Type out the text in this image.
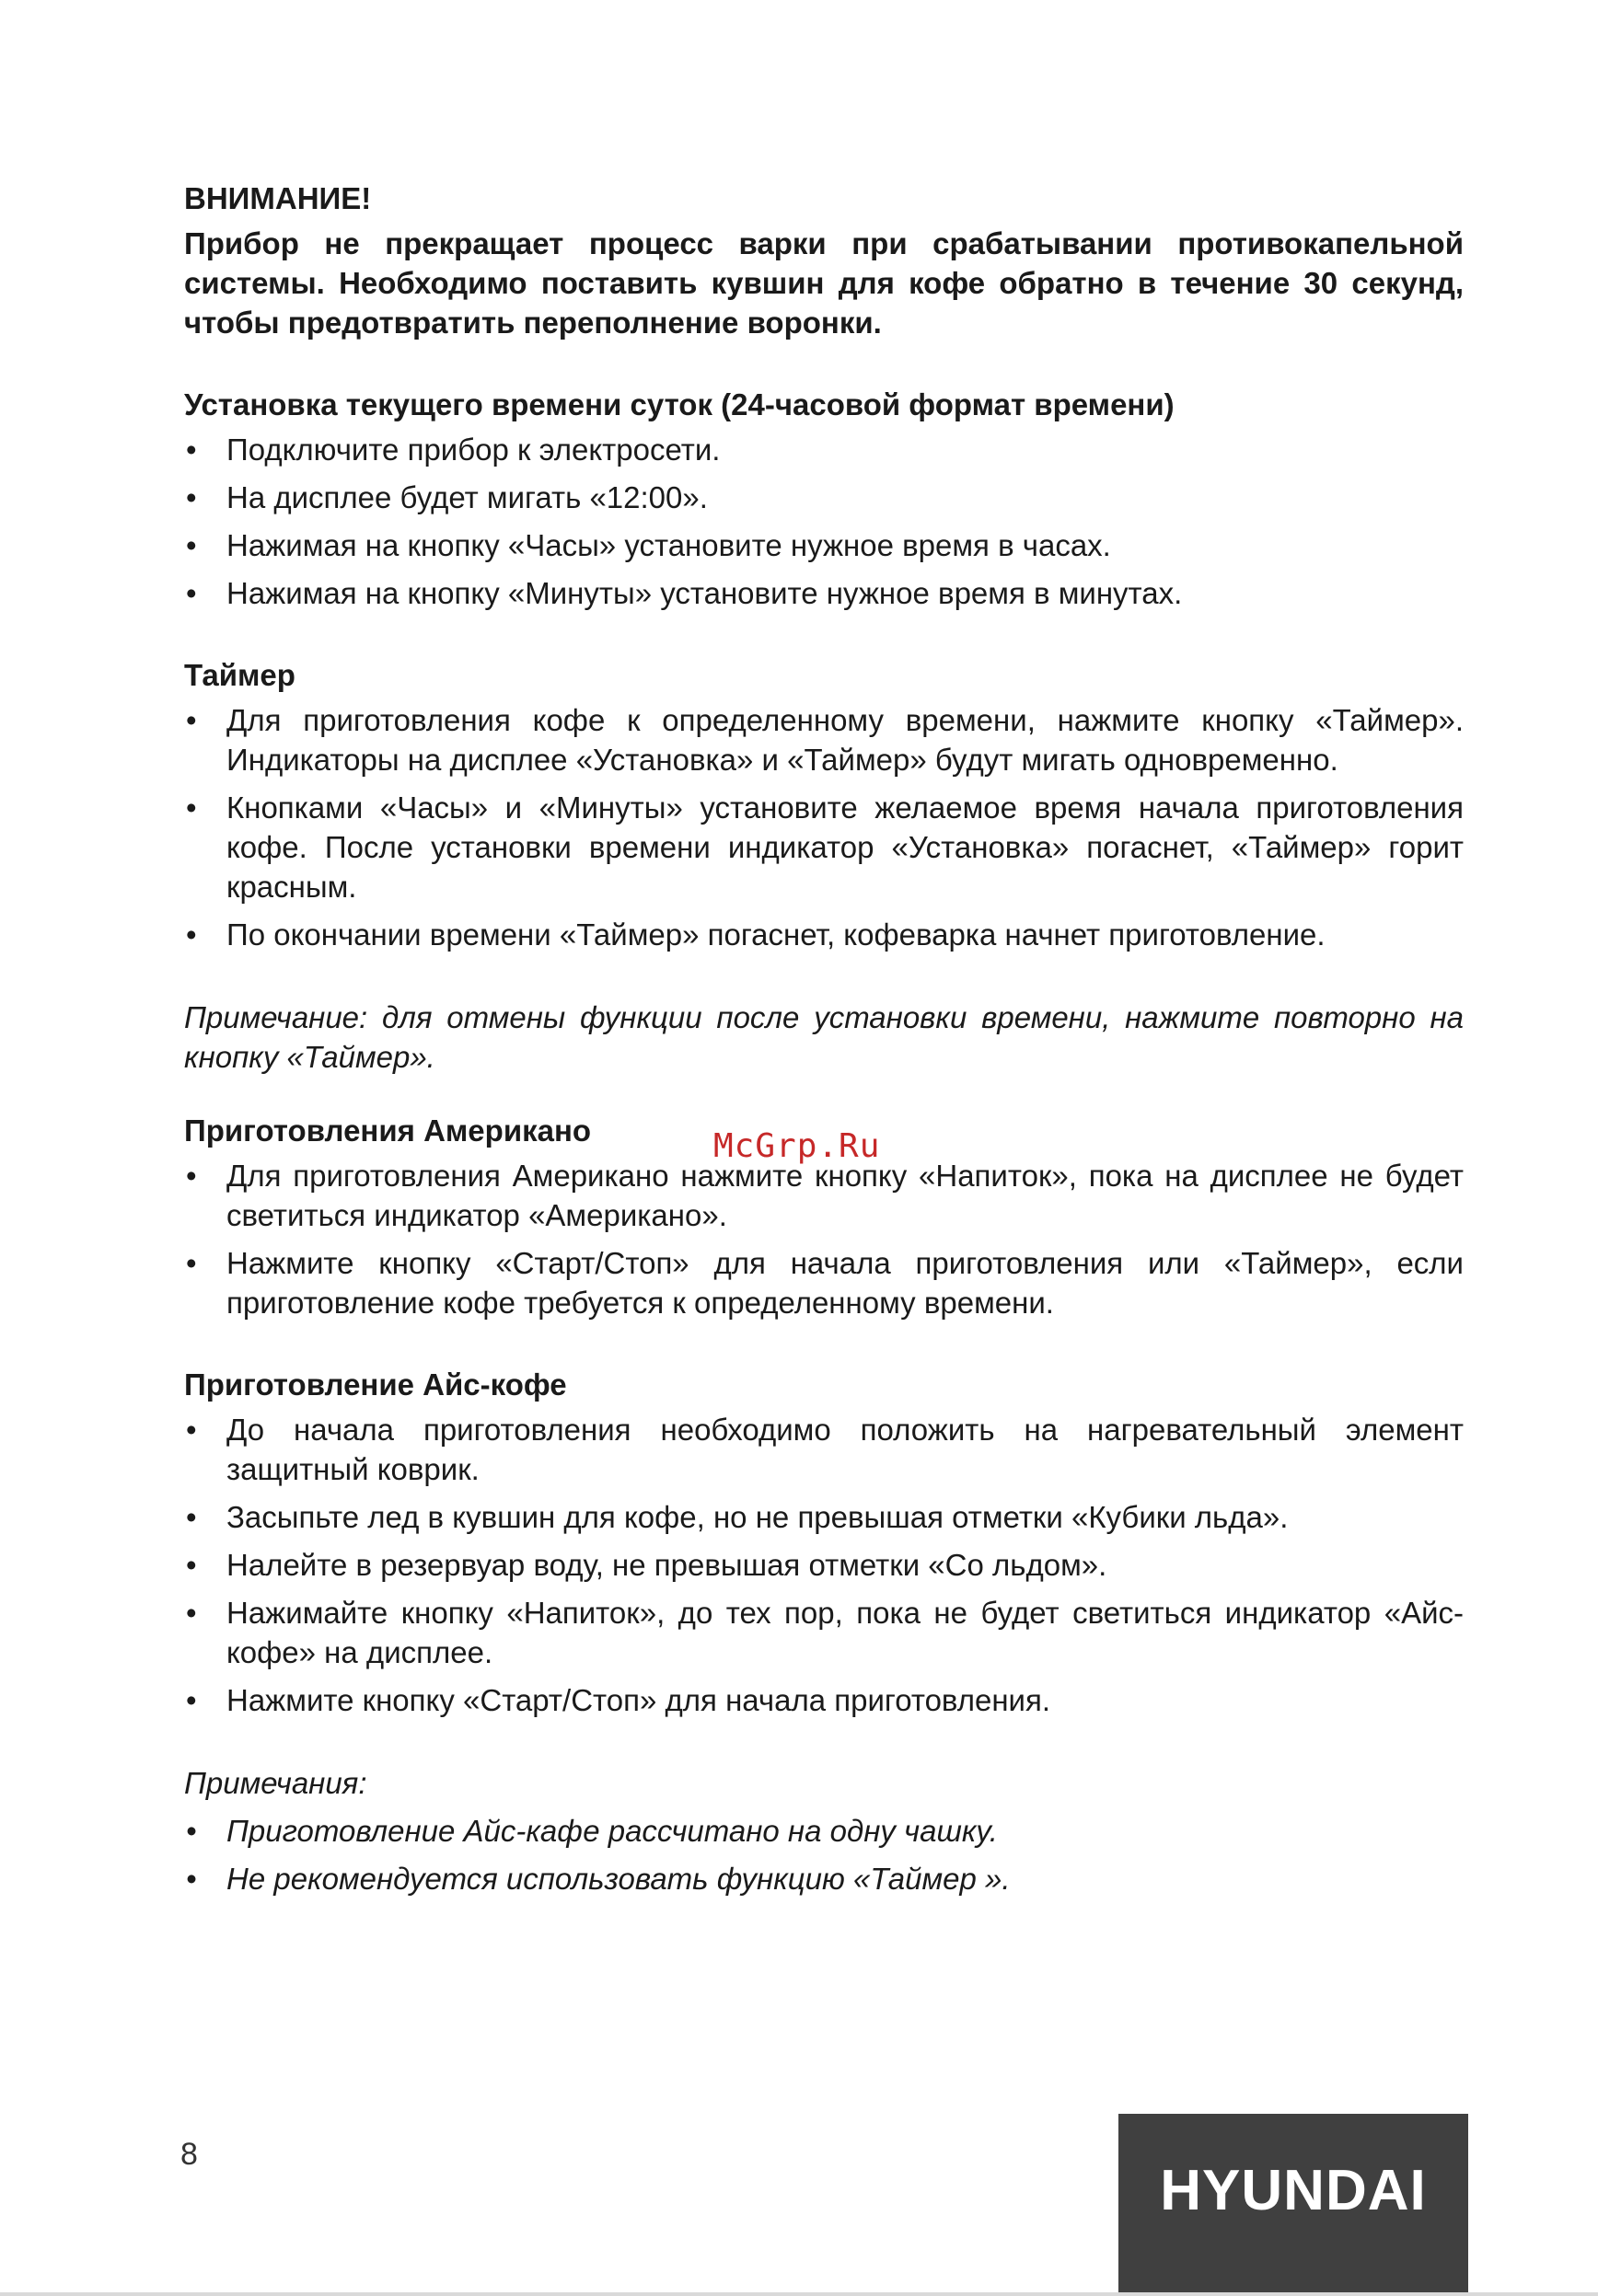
ВНИМАНИЕ!

Прибор не прекращает процесс варки при срабатывании противокапельной системы. Необходимо поставить кувшин для кофе обратно в течение 30 секунд, чтобы предотвратить переполнение воронки.

Установка текущего времени суток (24-часовой формат времени)

• Подключите прибор к электросети.
• На дисплее будет мигать «12:00».
• Нажимая на кнопку «Часы» установите нужное время в часах.
• Нажимая на кнопку «Минуты» установите нужное время в минутах.

Таймер

• Для приготовления кофе к определенному времени, нажмите кнопку «Таймер». Индикаторы на дисплее «Установка» и «Таймер» будут мигать одновременно.
• Кнопками «Часы» и «Минуты» установите желаемое время начала приготовления кофе. После установки времени индикатор «Установка» погаснет, «Таймер» горит красным.
• По окончании времени «Таймер» погаснет, кофеварка начнет приготовление.

Примечание: для отмены функции после установки времени, нажмите повторно на кнопку «Таймер».

Приготовления Американо

• Для приготовления Американо нажмите кнопку «Напиток», пока на дисплее не будет светиться индикатор «Американо».
• Нажмите кнопку «Старт/Стоп» для начала приготовления или «Таймер», если приготовление кофе требуется к определенному времени.

Приготовление Айс-кофе

• До начала приготовления необходимо положить на нагревательный элемент защитный коврик.
• Засыпьте лед в кувшин для кофе, но не превышая отметки «Кубики льда».
• Налейте в резервуар воду, не превышая отметки «Со льдом».
• Нажимайте кнопку «Напиток», до тех пор, пока не будет светиться индикатор «Айс-кофе» на дисплее.
• Нажмите кнопку «Старт/Стоп» для начала приготовления.

Примечания:

• Приготовление Айс-кафе рассчитано на одну чашку.
• Не рекомендуется использовать функцию «Таймер ».
McGrp.Ru
8
HYUNDAI
